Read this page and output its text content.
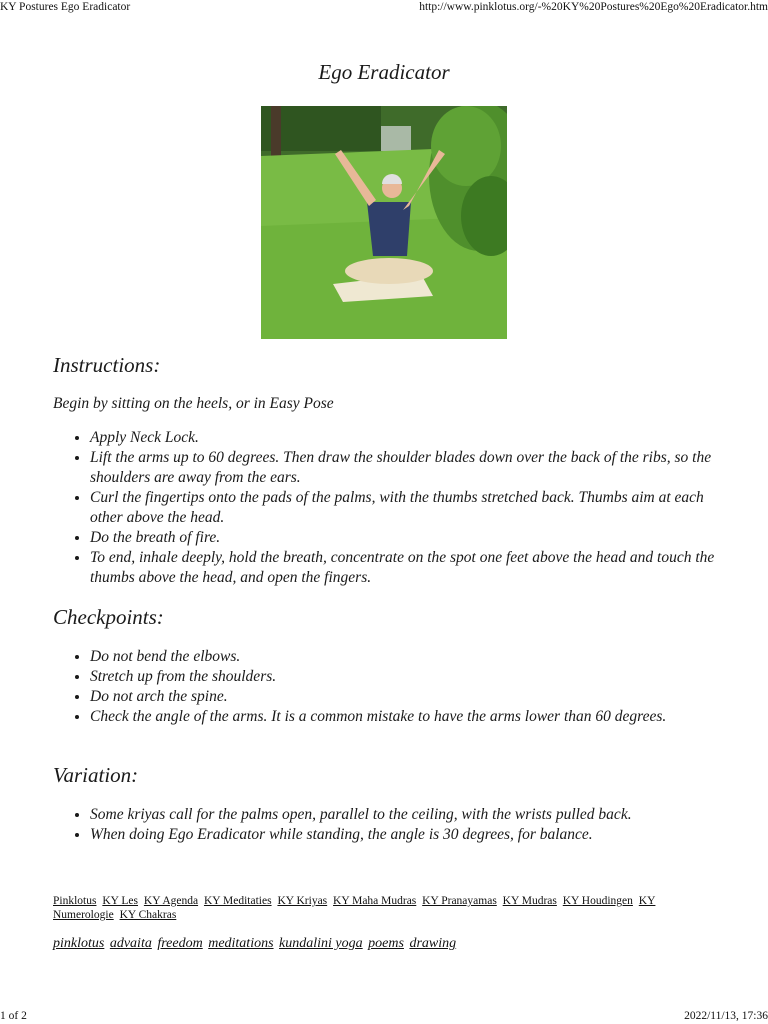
KY Postures Ego Eradicator	http://www.pinklotus.org/-%20KY%20Postures%20Ego%20Eradicator.htm
Ego Eradicator
Instructions:
Begin by sitting on the heels, or in Easy Pose
• Apply Neck Lock.
• Lift the arms up to 60 degrees. Then draw the shoulder blades down over the back of the ribs, so the shoulders are away from the ears.
• Curl the fingertips onto the pads of the palms, with the thumbs stretched back. Thumbs aim at each other above the head.
• Do the breath of fire.
• To end, inhale deeply, hold the breath, concentrate on the spot one feet above the head and touch the thumbs above the head, and open the fingers.
Checkpoints:
• Do not bend the elbows.
• Stretch up from the shoulders.
• Do not arch the spine.
• Check the angle of the arms. It is a common mistake to have the arms lower than 60 degrees.
Variation:
• Some kriyas call for the palms open, parallel to the ceiling, with the wrists pulled back.
• When doing Ego Eradicator while standing, the angle is 30 degrees, for balance.
Pinklotus KY Les KY Agenda KY Meditaties KY Kriyas KY Maha Mudras KY Pranayamas KY Mudras KY Houdingen KY Numerologie KY Chakras
pinklotus advaita freedom meditations kundalini yoga poems drawing
1 of 2	2022/11/13, 17:36
